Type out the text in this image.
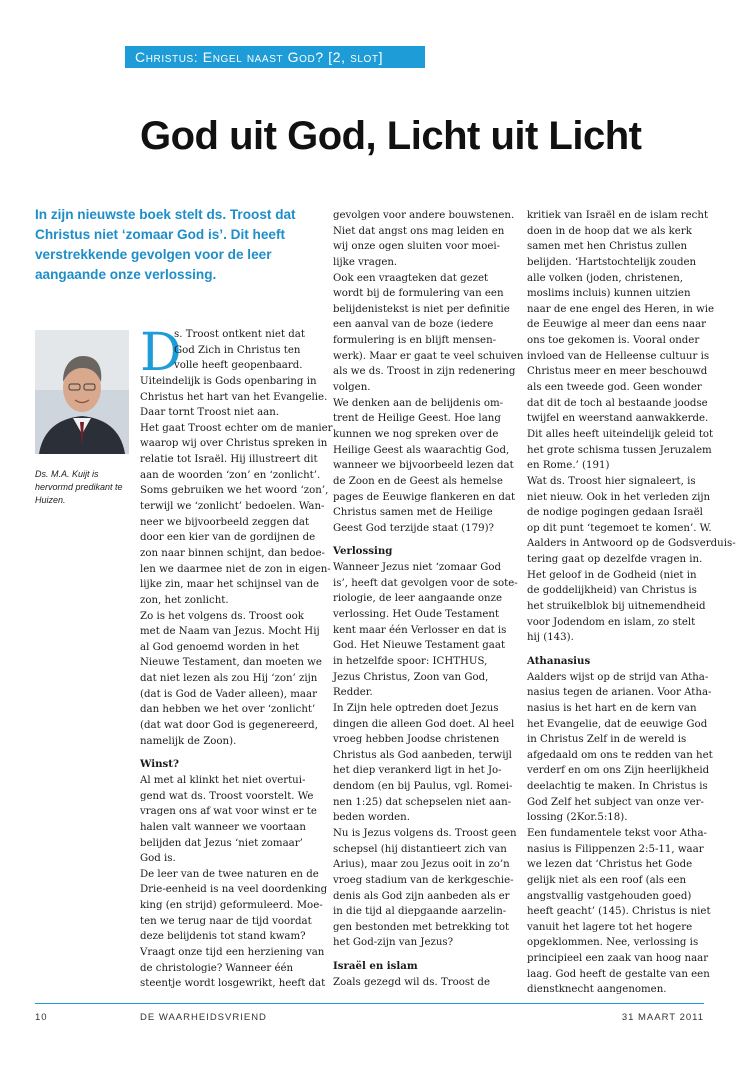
Christus: Engel naast God? [2, slot]
God uit God, Licht uit Licht

In zijn nieuwste boek stelt ds. Troost dat Christus niet ‘zomaar God is’. Dit heeft verstrekkende gevolgen voor de leer aangaande onze verlossing.

Ds. M.A. Kuijt is hervormd predikant te Huizen.

D
s. Troost ontkent niet dat
God Zich in Christus ten
volle heeft geopenbaard.
Uiteindelijk is Gods openbaring in
Christus het hart van het Evangelie.
Daar tornt Troost niet aan.
Het gaat Troost echter om de manier
waarop wij over Christus spreken in
relatie tot Israël. Hij illustreert dit
aan de woorden ‘zon’ en ‘zonlicht’.
Soms gebruiken we het woord ‘zon’,
terwijl we ‘zonlicht’ bedoelen. Wan-
neer we bijvoorbeeld zeggen dat
door een kier van de gordijnen de
zon naar binnen schijnt, dan bedoe-
len we daarmee niet de zon in eigen-
lijke zin, maar het schijnsel van de
zon, het zonlicht.
Zo is het volgens ds. Troost ook
met de Naam van Jezus. Mocht Hij
al God genoemd worden in het
Nieuwe Testament, dan moeten we
dat niet lezen als zou Hij ‘zon’ zijn
(dat is God de Vader alleen), maar
dan hebben we het over ‘zonlicht’
(dat wat door God is gegenereerd,
namelijk de Zoon).
Winst?
Al met al klinkt het niet overtui-
gend wat ds. Troost voorstelt. We
vragen ons af wat voor winst er te
halen valt wanneer we voortaan
belijden dat Jezus ‘niet zomaar’
God is.
De leer van de twee naturen en de
Drie-eenheid is na veel doordenking
king (en strijd) geformuleerd. Moe-
ten we terug naar de tijd voordat
deze belijdenis tot stand kwam?
Vraagt onze tijd een herziening van
de christologie? Wanneer één
steentje wordt losgewrikt, heeft dat
gevolgen voor andere bouwstenen.
Niet dat angst ons mag leiden en
wij onze ogen sluiten voor moei-
lijke vragen.
Ook een vraagteken dat gezet
wordt bij de formulering van een
belijdenistekst is niet per definitie
een aanval van de boze (iedere
formulering is en blijft mensen-
werk). Maar er gaat te veel schuiven
als we ds. Troost in zijn redenering
volgen.
We denken aan de belijdenis om-
trent de Heilige Geest. Hoe lang
kunnen we nog spreken over de
Heilige Geest als waarachtig God,
wanneer we bijvoorbeeld lezen dat
de Zoon en de Geest als hemelse
pages de Eeuwige flankeren en dat
Christus samen met de Heilige
Geest God terzijde staat (179)?
Verlossing
Wanneer Jezus niet ‘zomaar God
is’, heeft dat gevolgen voor de sote-
riologie, de leer aangaande onze
verlossing. Het Oude Testament
kent maar één Verlosser en dat is
God. Het Nieuwe Testament gaat
in hetzelfde spoor: ICHTHUS,
Jezus Christus, Zoon van God,
Redder.
In Zijn hele optreden doet Jezus
dingen die alleen God doet. Al heel
vroeg hebben Joodse christenen
Christus als God aanbeden, terwijl
het diep verankerd ligt in het Jo-
dendom (en bij Paulus, vgl. Romei-
nen 1:25) dat schepselen niet aan-
beden worden.
Nu is Jezus volgens ds. Troost geen
schepsel (hij distantieert zich van
Arius), maar zou Jezus ooit in zo’n
vroeg stadium van de kerkgeschie-
denis als God zijn aanbeden als er
in die tijd al diepgaande aarzelin-
gen bestonden met betrekking tot
het God-zijn van Jezus?
Israël en islam
Zoals gezegd wil ds. Troost de
kritiek van Israël en de islam recht
doen in de hoop dat we als kerk
samen met hen Christus zullen
belijden. ‘Hartstochtelijk zouden
alle volken (joden, christenen,
moslims incluis) kunnen uitzien
naar de ene engel des Heren, in wie
de Eeuwige al meer dan eens naar
ons toe gekomen is. Vooral onder
invloed van de Helleense cultuur is
Christus meer en meer beschouwd
als een tweede god. Geen wonder
dat dit de toch al bestaande joodse
twijfel en weerstand aanwakkerde.
Dit alles heeft uiteindelijk geleid tot
het grote schisma tussen Jeruzalem
en Rome.’ (191)
Wat ds. Troost hier signaleert, is
niet nieuw. Ook in het verleden zijn
de nodige pogingen gedaan Israël
op dit punt ‘tegemoet te komen’. W.
Aalders in Antwoord op de Godsverduis-
tering gaat op dezelfde vragen in.
Het geloof in de Godheid (niet in
de goddelijkheid) van Christus is
het struikelblok bij uitnemendheid
voor Jodendom en islam, zo stelt
hij (143).
Athanasius
Aalders wijst op de strijd van Atha-
nasius tegen de arianen. Voor Atha-
nasius is het hart en de kern van
het Evangelie, dat de eeuwige God
in Christus Zelf in de wereld is
afgedaald om ons te redden van het
verderf en om ons Zijn heerlijkheid
deelachtig te maken. In Christus is
God Zelf het subject van onze ver-
lossing (2Kor.5:18).
Een fundamentele tekst voor Atha-
nasius is Filippenzen 2:5-11, waar
we lezen dat ‘Christus het Gode
gelijk niet als een roof (als een
angstvallig vastgehouden goed)
heeft geacht’ (145). Christus is niet
vanuit het lagere tot het hogere
opgeklommen. Nee, verlossing is
principieel een zaak van hoog naar
laag. God heeft de gestalte van een
dienstknecht aangenomen.
10	DE WAARHEIDSVRIEND	31 MAART 2011
